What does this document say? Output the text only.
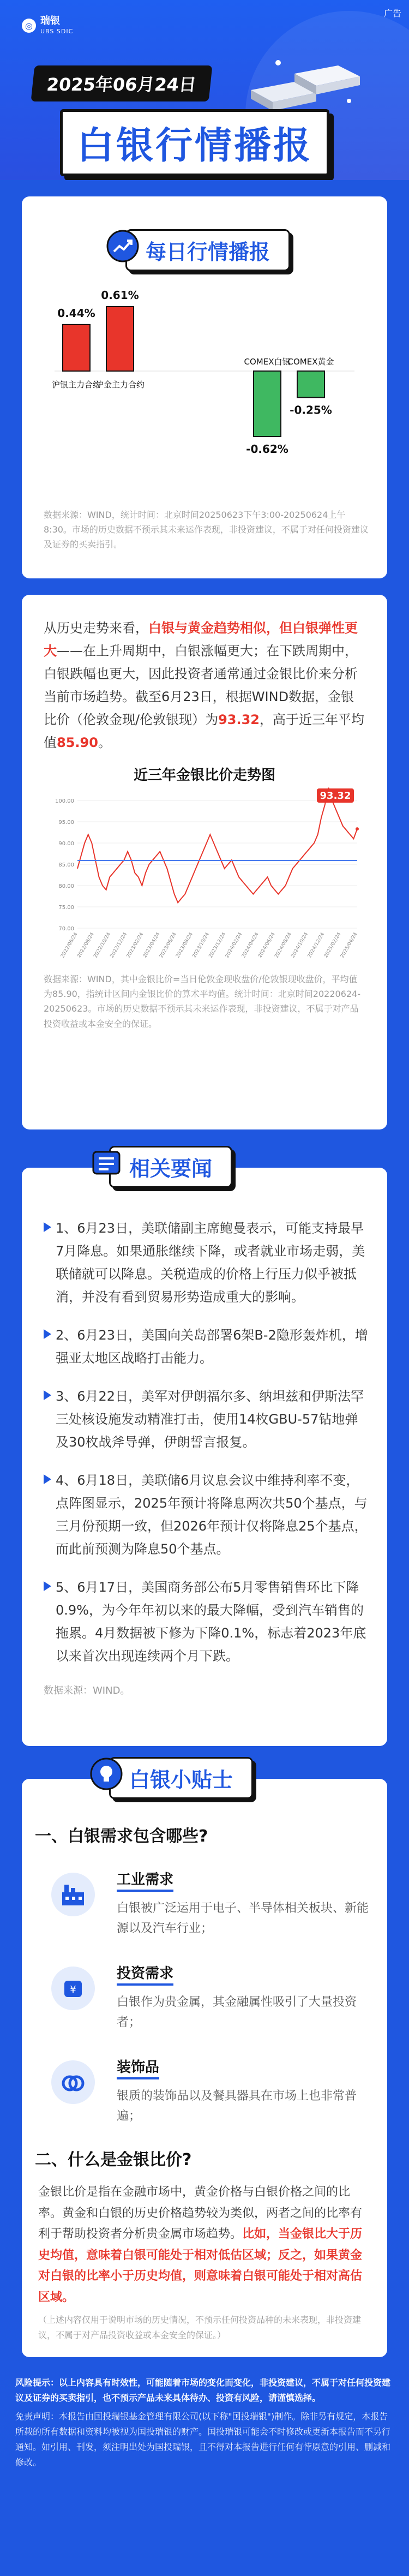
◎ 瑞银
UBS SDIC
广告
2025年06月24日
白银行情播报
每日行情播报
0.44%
沪银主力合约
0.61%
沪金主力合约
-0.62%
COMEX白银
-0.25%
COMEX黄金
数据来源：WIND，统计时间：北京时间20250623下午3:00-20250624上午8:30。市场的历史数据不预示其未来运作表现，非投资建议，不属于对任何投资建议及证券的买卖指引。
从历史走势来看，白银与黄金趋势相似，但白银弹性更大——在上升周期中，白银涨幅更大；在下跌周期中，白银跌幅也更大，因此投资者通常通过金银比价来分析当前市场趋势。截至6月23日，根据WIND数据，金银比价（伦敦金现/伦敦银现）为93.32，高于近三年平均值85.90。
近三年金银比价走势图
100.00
95.00
90.00
85.00
80.00
75.00
70.00
2022/06/24
2022/08/24
2022/10/24
2022/12/24
2023/02/24
2023/04/24
2023/06/24
2023/08/24
2023/10/24
2023/12/24
2024/02/24
2024/04/24
2024/06/24
2024/08/24
2024/10/24
2024/12/24
2025/02/24
2025/04/24
93.32
数据来源：WIND，其中金银比价=当日伦敦金现收盘价/伦敦银现收盘价，平均值为85.90，指统计区间内金银比价的算术平均值。统计时间：北京时间20220624-20250623。市场的历史数据不预示其未来运作表现，非投资建议，不属于对产品投资收益或本金安全的保证。
相关要闻
1、6月23日，美联储副主席鲍曼表示，可能支持最早7月降息。如果通胀继续下降，或者就业市场走弱，美联储就可以降息。关税造成的价格上行压力似乎被抵消，并没有看到贸易形势造成重大的影响。
2、6月23日，美国向关岛部署6架B-2隐形轰炸机，增强亚太地区战略打击能力。
3、6月22日，美军对伊朗福尔多、纳坦兹和伊斯法罕三处核设施发动精准打击，使用14枚GBU-57钻地弹及30枚战斧导弹，伊朗誓言报复。
4、6月18日，美联储6月议息会议中维持利率不变，点阵图显示，2025年预计将降息两次共50个基点，与三月份预期一致，但2026年预计仅将降息25个基点，而此前预测为降息50个基点。
5、6月17日，美国商务部公布5月零售销售环比下降0.9%，为今年年初以来的最大降幅，受到汽车销售的拖累。4月数据被下修为下降0.1%，标志着2023年底以来首次出现连续两个月下跌。
数据来源：WIND。
白银小贴士
一、白银需求包含哪些?
工业需求
白银被广泛运用于电子、半导体相关板块、新能源以及汽车行业；
¥
投资需求
白银作为贵金属，其金融属性吸引了大量投资者；
装饰品
银质的装饰品以及餐具器具在市场上也非常普遍；
二、什么是金银比价?
金银比价是指在金融市场中，黄金价格与白银价格之间的比率。黄金和白银的历史价格趋势较为类似，两者之间的比率有利于帮助投资者分析贵金属市场趋势。比如，当金银比大于历史均值，意味着白银可能处于相对低估区域；反之，如果黄金对白银的比率小于历史均值，则意味着白银可能处于相对高估区域。
（上述内容仅用于说明市场的历史情况，不预示任何投资品种的未来表现，非投资建议，不属于对产品投资收益或本金安全的保证。）
风险提示：以上内容具有时效性，可能随着市场的变化而变化，非投资建议，不属于对任何投资建议及证券的买卖指引，也不预示产品未来具体待办、投资有风险，请谨慎选择。
免责声明：本报告由国投瑞银基金管理有限公司(以下称"国投瑞银")制作。除非另有规定，本报告所载的所有数据和资料均被视为国投瑞银的财产。国投瑞银可能会不时修改或更新本报告而不另行通知。如引用、刊发，须注明出处为国投瑞银，且不得对本报告进行任何有悖原意的引用、删减和修改。
